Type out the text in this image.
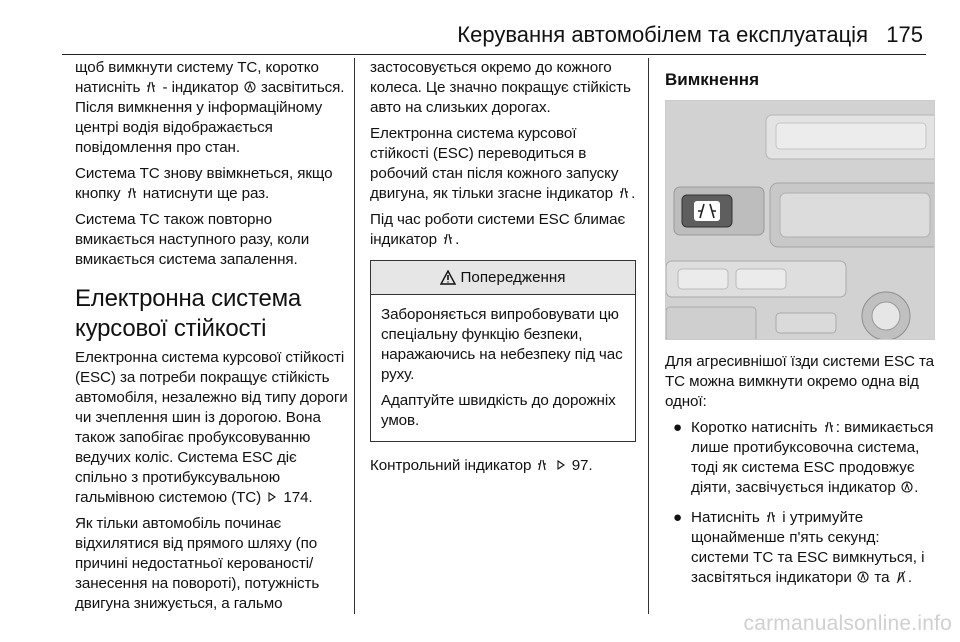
Керування автомобілем та експлуатація 175

щоб вимкнути систему ТС, коротко натисніть - індикатор засвітиться. Після вимкнення у інформаційному центрі водія відображається повідомлення про стан.

Система ТС знову ввімкнеться, якщо кнопку натиснути ще раз.

Система ТС також повторно вмикається наступного разу, коли вмикається система запалення.

Електронна система курсової стійкості

Електронна система курсової стійкості (ESC) за потреби покращує стійкість автомобіля, незалежно від типу дороги чи зчеплення шин із дорогою. Вона також запобігає пробуксовуванню ведучих коліс. Система ESC діє спільно з протибуксувальною гальмівною системою (ТС) 174.

Як тільки автомобіль починає відхилятися від прямого шляху (по причині недостатньої керованості/ занесення на повороті), потужність двигуна знижується, а гальмо

застосовується окремо до кожного колеса. Це значно покращує стійкість авто на слизьких дорогах.

Електронна система курсової стійкості (ESC) переводиться в робочий стан після кожного запуску двигуна, як тільки згасне індикатор .

Під час роботи системи ESC блимає індикатор .

Попередження

Забороняється випробовувати цю спеціальну функцію безпеки, наражаючись на небезпеку під час руху.

Адаптуйте швидкість до дорожніх умов.

Контрольний індикатор	97.

Вимкнення

Для агресивнішої їзди системи ESC та ТС можна вимкнути окремо одна від одної:

● Коротко натисніть : вимикається лише протибуксовочна система, тоді як система ESC продовжує діяти, засвічується індикатор .
● Натисніть і утримуйте щонайменше п'ять секунд: системи ТС та ESC вимкнуться, і засвітяться індикатори та .
carmanualsonline.info
